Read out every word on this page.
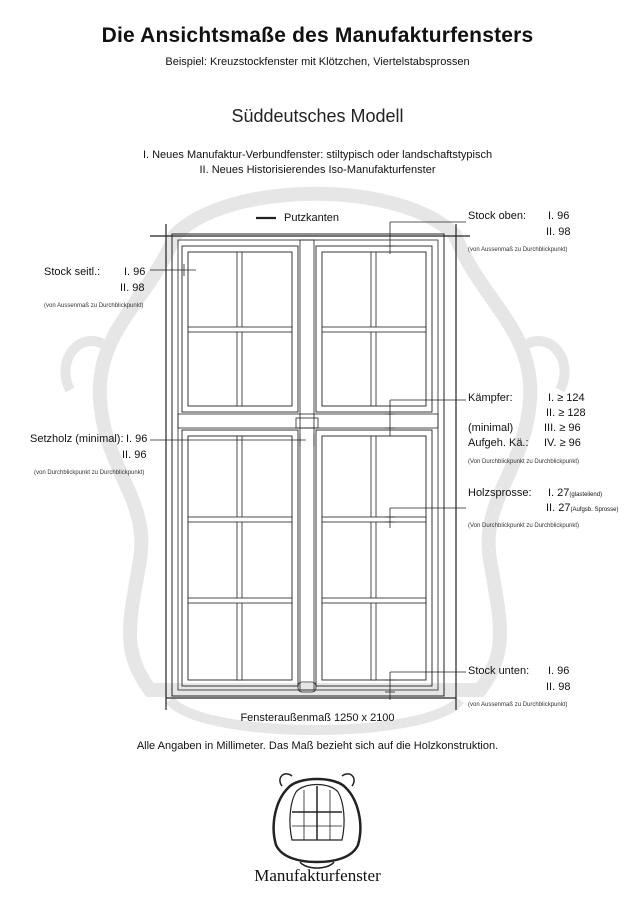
Die Ansichtsmaße des Manufakturfensters
Beispiel: Kreuzstockfenster mit Klötzchen, Viertelstabsprossen
Süddeutsches Modell
I. Neues Manufaktur-Verbundfenster: stiltypisch oder landschaftstypisch
II. Neues Historisierendes Iso-Manufakturfenster
Putzkanten	Stock oben: I. 96
II. 98
(von Aussenmaß zu Durchblickpunkt)
Stock seitl.: I. 96
II. 98
(von Aussenmaß zu Durchblickpunkt)
Kämpfer:	I. ≥ 124
II. ≥ 128
(minimal)	III. ≥ 96
Aufgeh. Kä.: IV. ≥ 96
(Von Durchblickpunkt zu Durchblickpunkt)
Setzholz (minimal): I. 96
II. 96
(von Durchblickpunkt zu Durchblickpunkt)
Holzsprosse: I. 27(glasteilend)
II. 27(Aufgsb. Sprosse)
(Von Durchblickpunkt zu Durchblickpunkt)
Stock unten: I. 96
II. 98
(von Aussenmaß zu Durchblickpunkt)
Fensteraußenmaß 1250 x 2100
Alle Angaben in Millimeter. Das Maß bezieht sich auf die Holzkonstruktion.
Manufakturfenster
